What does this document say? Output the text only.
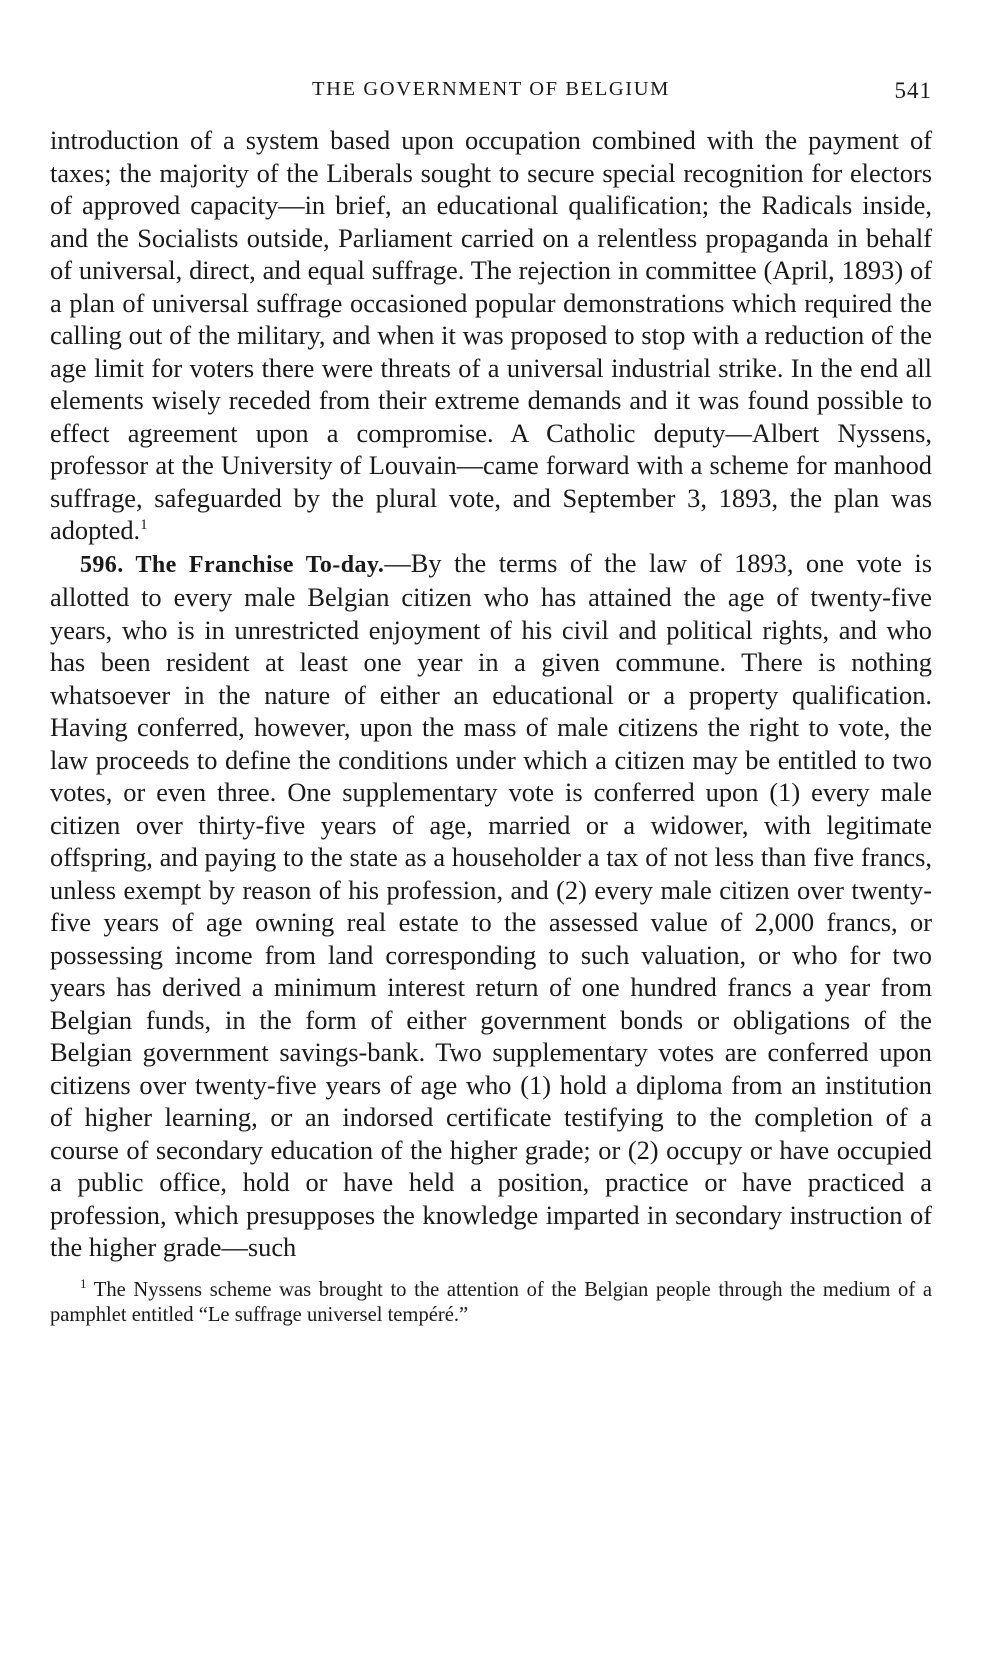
THE GOVERNMENT OF BELGIUM	541

introduction of a system based upon occupation combined with the payment of taxes; the majority of the Liberals sought to secure special recognition for electors of approved capacity—in brief, an educational qualification; the Radicals inside, and the Socialists outside, Parliament carried on a relentless propaganda in behalf of universal, direct, and equal suffrage. The rejection in committee (April, 1893) of a plan of universal suffrage occasioned popular demonstrations which required the calling out of the military, and when it was proposed to stop with a reduction of the age limit for voters there were threats of a universal industrial strike. In the end all elements wisely receded from their extreme demands and it was found possible to effect agreement upon a compromise. A Catholic deputy—Albert Nyssens, professor at the University of Louvain—came forward with a scheme for manhood suffrage, safeguarded by the plural vote, and September 3, 1893, the plan was adopted.$^1$

596. The Franchise To-day.—By the terms of the law of 1893, one vote is allotted to every male Belgian citizen who has attained the age of twenty-five years, who is in unrestricted enjoyment of his civil and political rights, and who has been resident at least one year in a given commune. There is nothing whatsoever in the nature of either an educational or a property qualification. Having conferred, however, upon the mass of male citizens the right to vote, the law proceeds to define the conditions under which a citizen may be entitled to two votes, or even three. One supplementary vote is conferred upon (1) every male citizen over thirty-five years of age, married or a widower, with legitimate offspring, and paying to the state as a householder a tax of not less than five francs, unless exempt by reason of his profession, and (2) every male citizen over twenty-five years of age owning real estate to the assessed value of 2,000 francs, or possessing income from land corresponding to such valuation, or who for two years has derived a minimum interest return of one hundred francs a year from Belgian funds, in the form of either government bonds or obligations of the Belgian government savings-bank. Two supplementary votes are conferred upon citizens over twenty-five years of age who (1) hold a diploma from an institution of higher learning, or an indorsed certificate testifying to the completion of a course of secondary education of the higher grade; or (2) occupy or have occupied a public office, hold or have held a position, practice or have practiced a profession, which presupposes the knowledge imparted in secondary instruction of the higher grade—such

$^1$ The Nyssens scheme was brought to the attention of the Belgian people through the medium of a pamphlet entitled “Le suffrage universel tempéré.”
